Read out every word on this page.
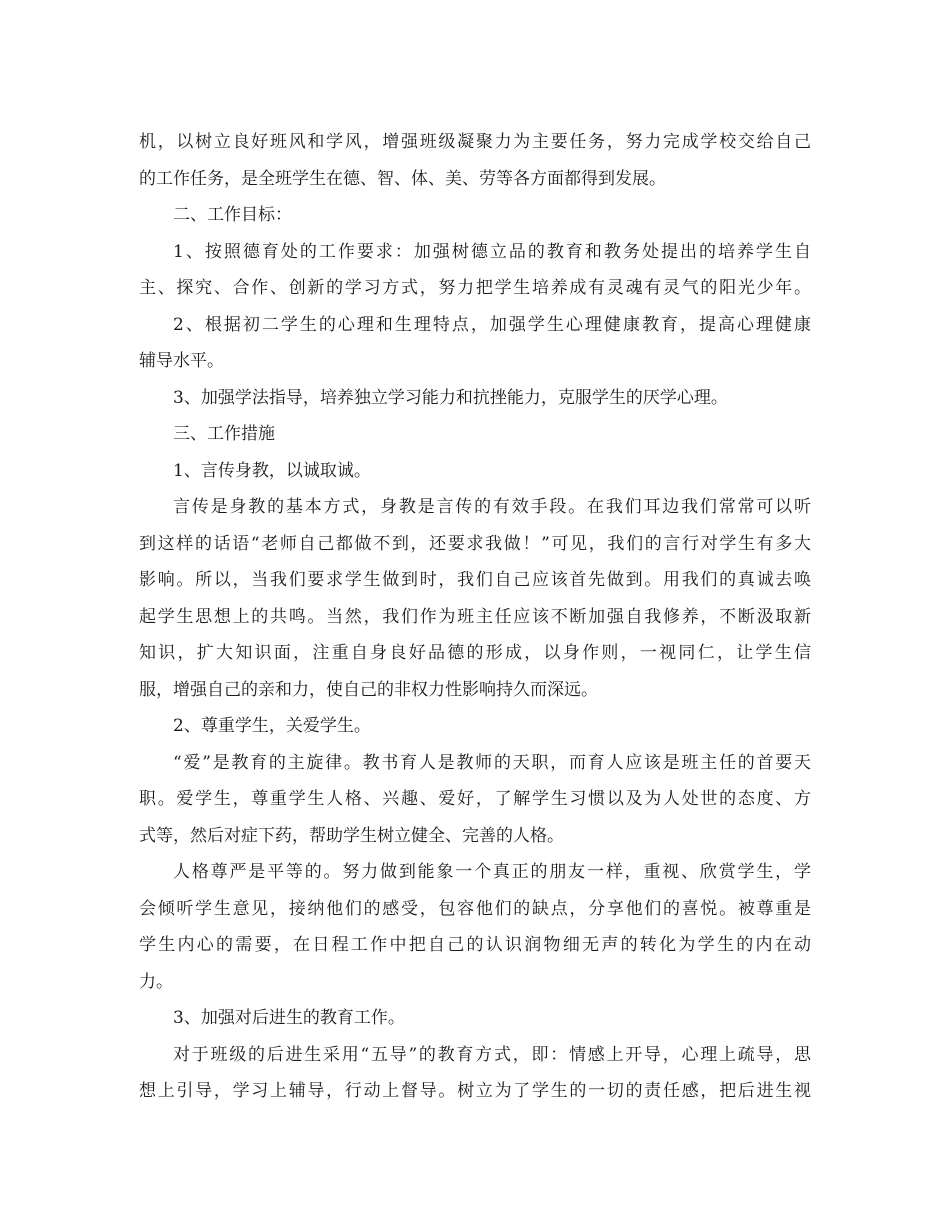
机，以树立良好班风和学风，增强班级凝聚力为主要任务，努力完成学校交给自己
的工作任务，是全班学生在德、智、体、美、劳等各方面都得到发展。
二、工作目标：
1、按照德育处的工作要求：加强树德立品的教育和教务处提出的培养学生自
主、探究、合作、创新的学习方式，努力把学生培养成有灵魂有灵气的阳光少年。
2、根据初二学生的心理和生理特点，加强学生心理健康教育，提高心理健康
辅导水平。
3、加强学法指导，培养独立学习能力和抗挫能力，克服学生的厌学心理。
三、工作措施
1、言传身教，以诚取诚。
言传是身教的基本方式，身教是言传的有效手段。在我们耳边我们常常可以听
到这样的话语“老师自己都做不到，还要求我做！”可见，我们的言行对学生有多大
影响。所以，当我们要求学生做到时，我们自己应该首先做到。用我们的真诚去唤
起学生思想上的共鸣。当然，我们作为班主任应该不断加强自我修养，不断汲取新
知识，扩大知识面，注重自身良好品德的形成，以身作则，一视同仁，让学生信
服，增强自己的亲和力，使自己的非权力性影响持久而深远。
2、尊重学生，关爱学生。
“爱”是教育的主旋律。教书育人是教师的天职，而育人应该是班主任的首要天
职。爱学生，尊重学生人格、兴趣、爱好，了解学生习惯以及为人处世的态度、方
式等，然后对症下药，帮助学生树立健全、完善的人格。
人格尊严是平等的。努力做到能象一个真正的朋友一样，重视、欣赏学生，学
会倾听学生意见，接纳他们的感受，包容他们的缺点，分享他们的喜悦。被尊重是
学生内心的需要，在日程工作中把自己的认识润物细无声的转化为学生的内在动
力。
3、加强对后进生的教育工作。
对于班级的后进生采用“五导”的教育方式，即：情感上开导，心理上疏导，思
想上引导，学习上辅导，行动上督导。树立为了学生的一切的责任感，把后进生视
